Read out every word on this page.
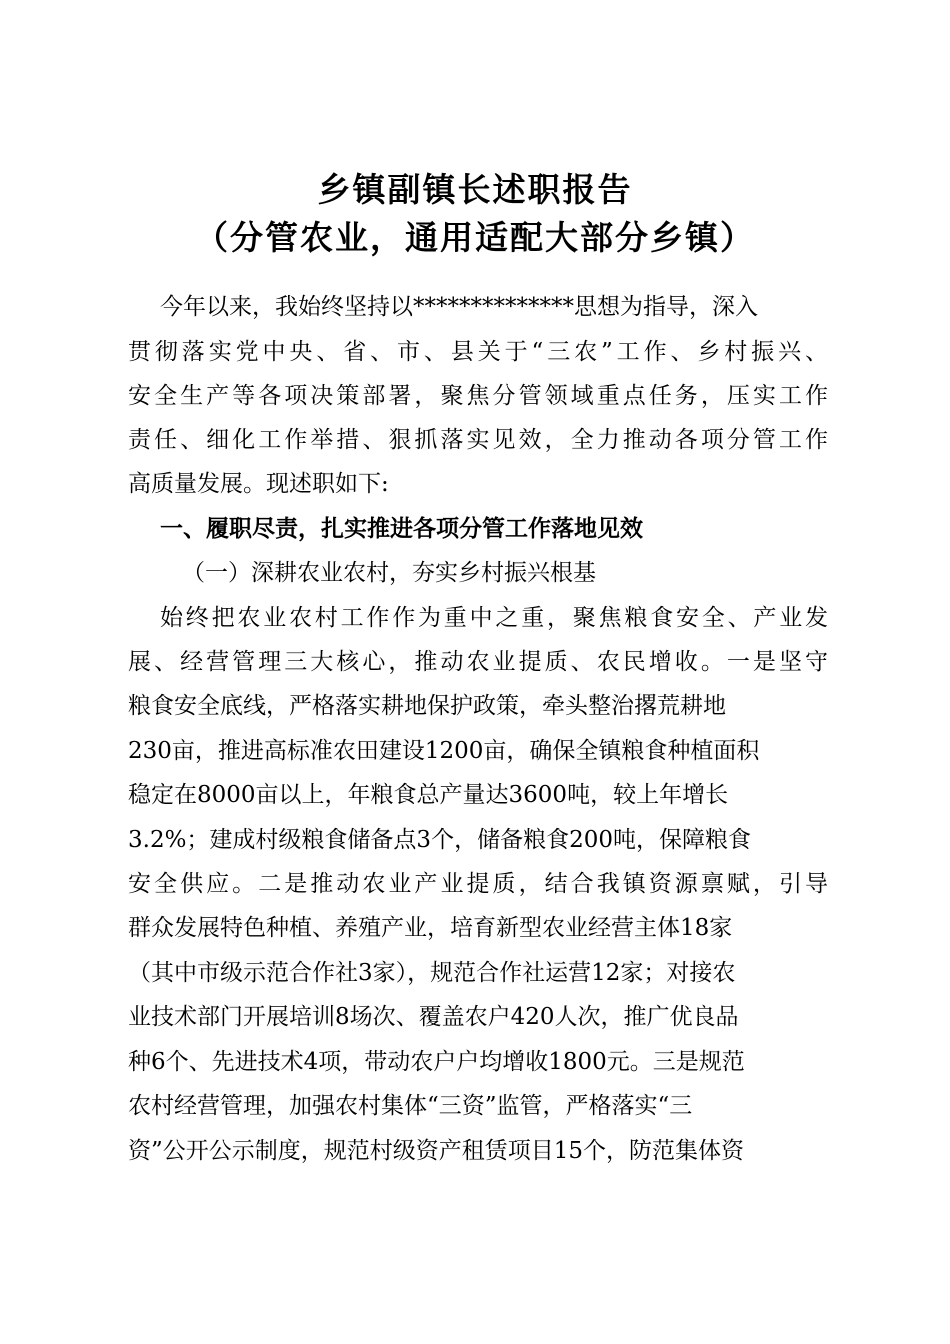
乡镇副镇长述职报告
（分管农业，通用适配大部分乡镇）
今年以来，我始终坚持以**************思想为指导，深入
贯彻落实党中央、省、市、县关于“三农”工作、乡村振兴、
安全生产等各项决策部署，聚焦分管领域重点任务，压实工作
责任、细化工作举措、狠抓落实见效，全力推动各项分管工作
高质量发展。现述职如下:
一、履职尽责，扎实推进各项分管工作落地见效
（一）深耕农业农村，夯实乡村振兴根基
始终把农业农村工作作为重中之重，聚焦粮食安全、产业发
展、经营管理三大核心，推动农业提质、农民增收。一是坚守
粮食安全底线，严格落实耕地保护政策，牵头整治撂荒耕地
230亩，推进高标准农田建设1200亩，确保全镇粮食种植面积
稳定在8000亩以上，年粮食总产量达3600吨，较上年增长
3.2%；建成村级粮食储备点3个，储备粮食200吨，保障粮食
安全供应。二是推动农业产业提质，结合我镇资源禀赋，引导
群众发展特色种植、养殖产业，培育新型农业经营主体18家
（其中市级示范合作社3家），规范合作社运营12家；对接农
业技术部门开展培训8场次、覆盖农户420人次，推广优良品
种6个、先进技术4项，带动农户户均增收1800元。三是规范
农村经营管理，加强农村集体“三资”监管，严格落实“三
资”公开公示制度，规范村级资产租赁项目15个，防范集体资
